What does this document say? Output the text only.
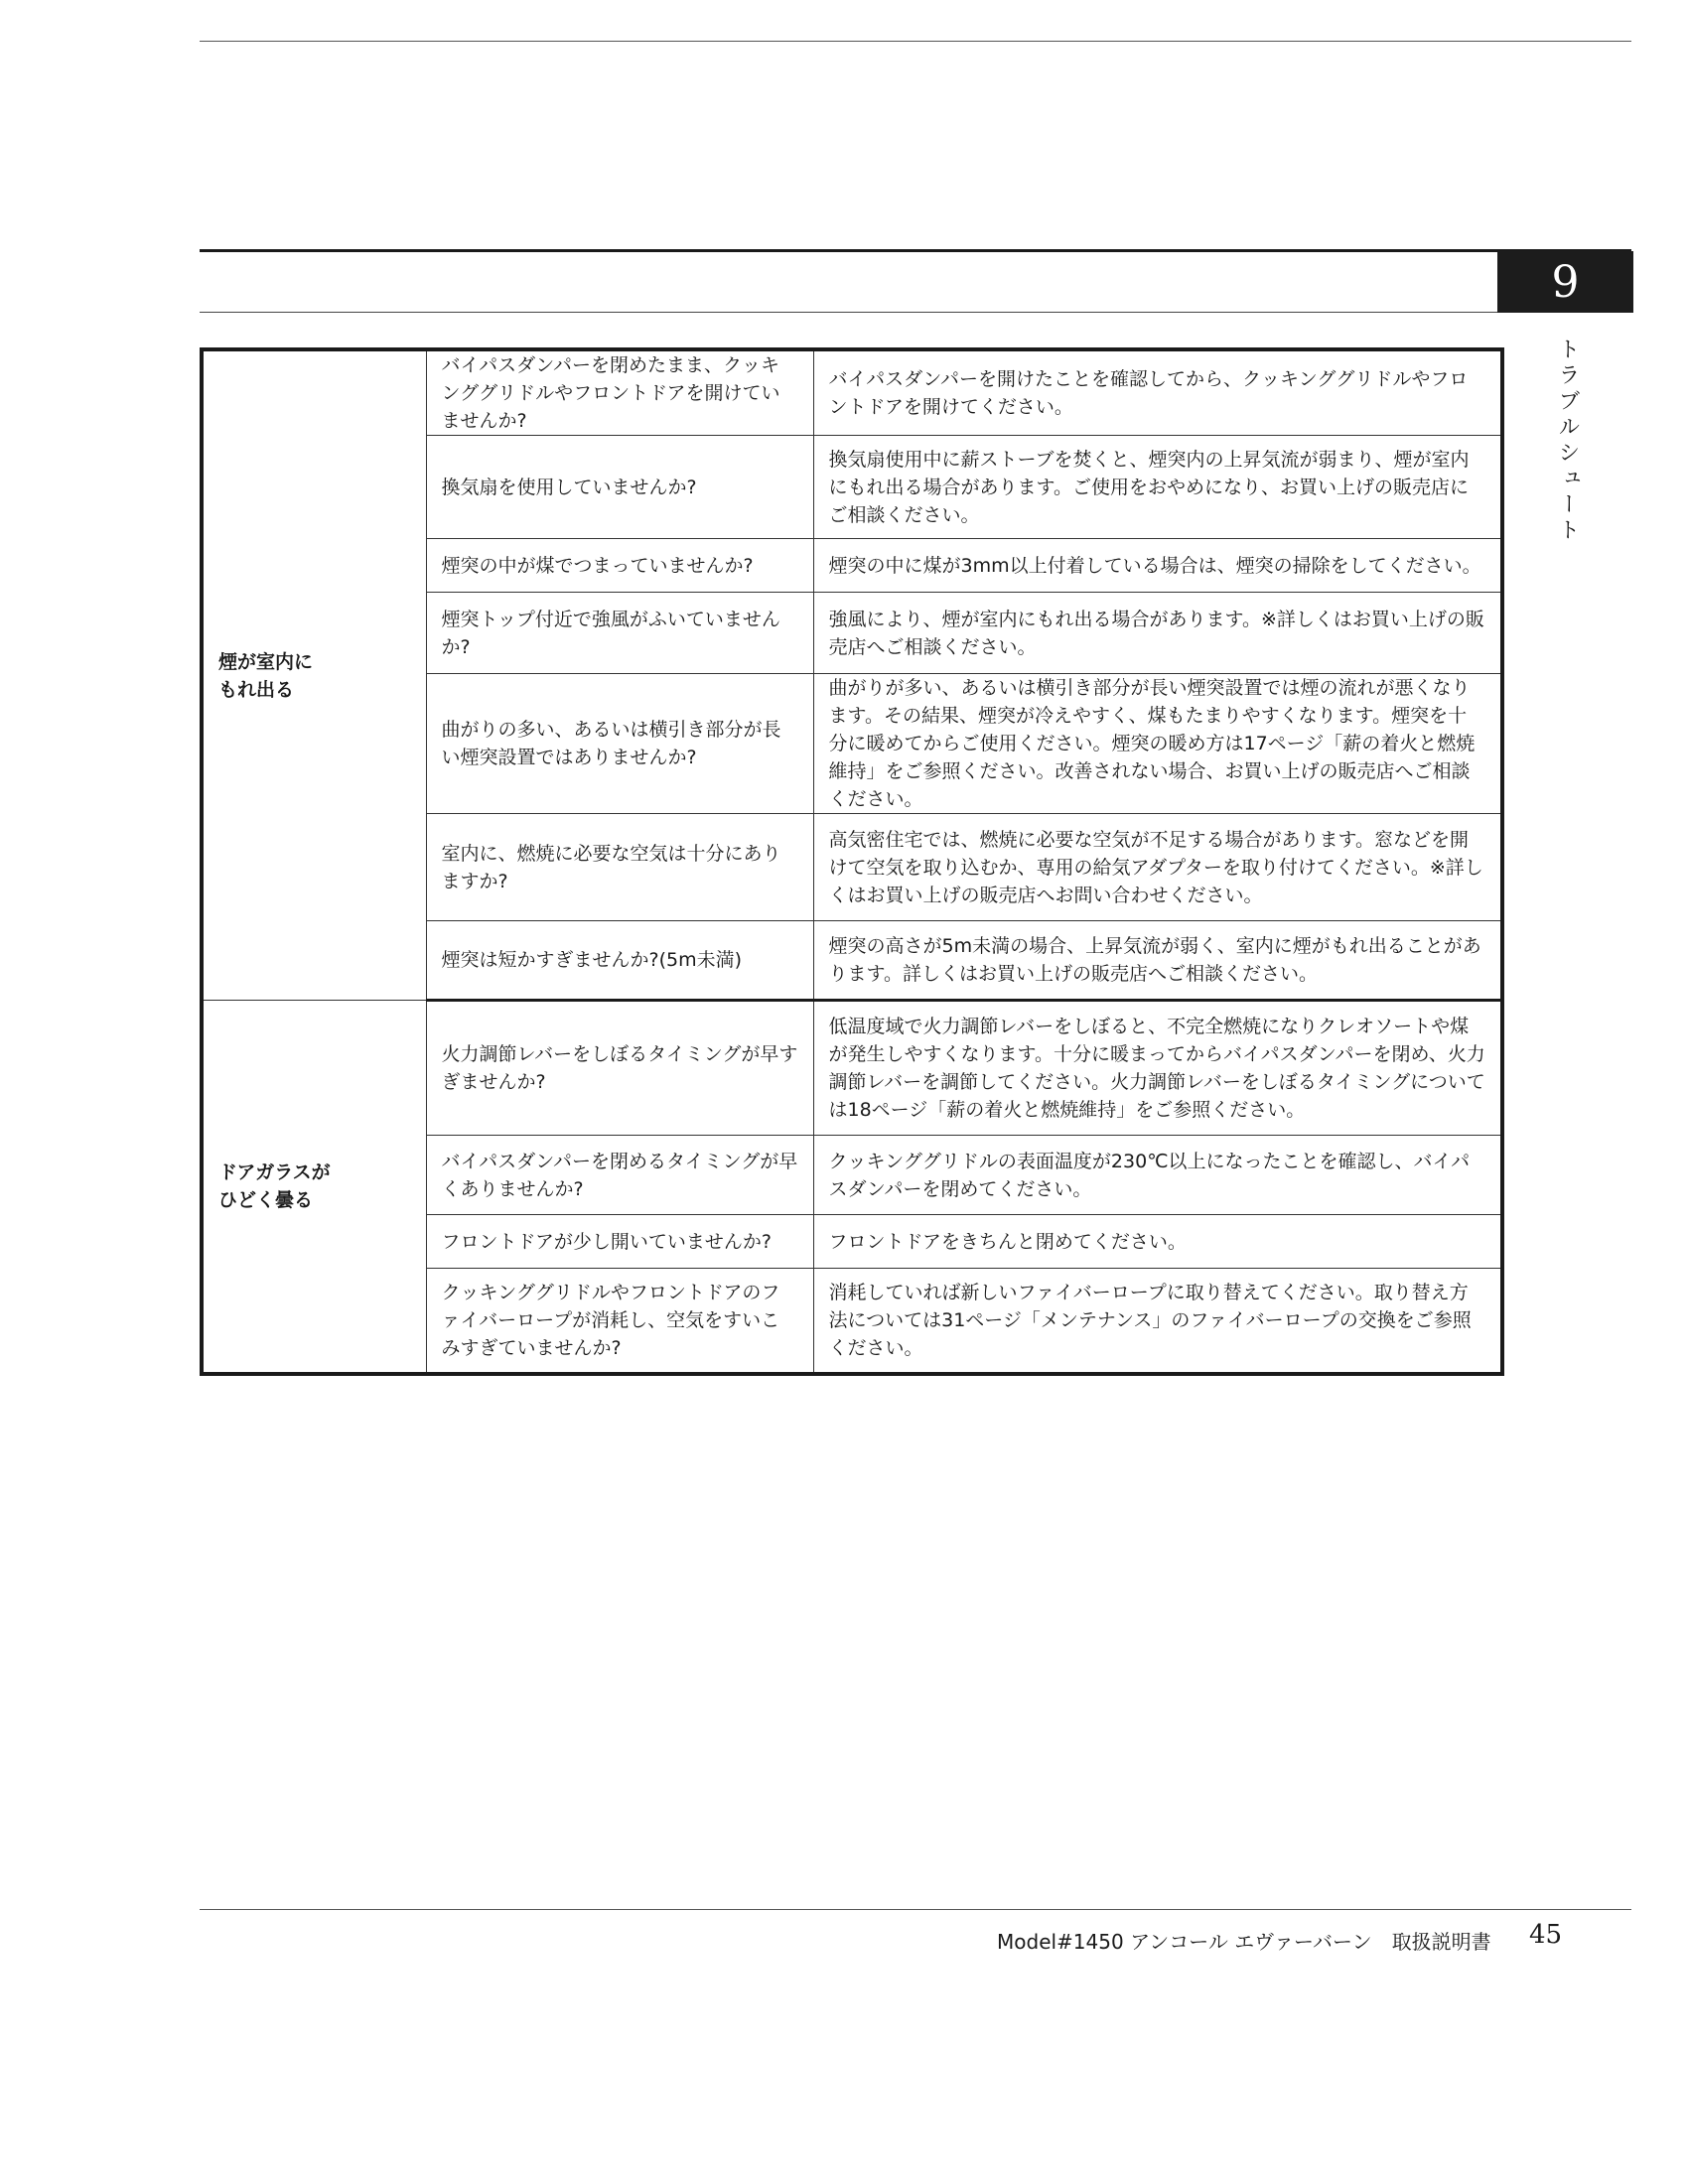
9
トラブルシュート
煙が室内に
もれ出る	バイパスダンパーを閉めたまま、クッキンググリドルやフロントドアを開けていませんか?	バイパスダンパーを開けたことを確認してから、クッキンググリドルやフロントドアを開けてください。
	換気扇を使用していませんか?	換気扇使用中に薪ストーブを焚くと、煙突内の上昇気流が弱まり、煙が室内にもれ出る場合があります。ご使用をおやめになり、お買い上げの販売店にご相談ください。
	煙突の中が煤でつまっていませんか?	煙突の中に煤が3mm以上付着している場合は、煙突の掃除をしてください。
	煙突トップ付近で強風がふいていませんか?	強風により、煙が室内にもれ出る場合があります。※詳しくはお買い上げの販売店へご相談ください。
	曲がりの多い、あるいは横引き部分が長い煙突設置ではありませんか?	曲がりが多い、あるいは横引き部分が長い煙突設置では煙の流れが悪くなります。その結果、煙突が冷えやすく、煤もたまりやすくなります。煙突を十分に暖めてからご使用ください。煙突の暖め方は17ページ「薪の着火と燃焼維持」をご参照ください。改善されない場合、お買い上げの販売店へご相談ください。
	室内に、燃焼に必要な空気は十分にありますか?	高気密住宅では、燃焼に必要な空気が不足する場合があります。窓などを開けて空気を取り込むか、専用の給気アダプターを取り付けてください。※詳しくはお買い上げの販売店へお問い合わせください。
	煙突は短かすぎませんか?(5m未満)	煙突の高さが5m未満の場合、上昇気流が弱く、室内に煙がもれ出ることがあります。詳しくはお買い上げの販売店へご相談ください。

ドアガラスが
ひどく曇る	火力調節レバーをしぼるタイミングが早すぎませんか?	低温度域で火力調節レバーをしぼると、不完全燃焼になりクレオソートや煤が発生しやすくなります。十分に暖まってからバイパスダンパーを閉め、火力調節レバーを調節してください。火力調節レバーをしぼるタイミングについては18ページ「薪の着火と燃焼維持」をご参照ください。
	バイパスダンパーを閉めるタイミングが早くありませんか?	クッキンググリドルの表面温度が230℃以上になったことを確認し、バイパスダンパーを閉めてください。
	フロントドアが少し開いていませんか?	フロントドアをきちんと閉めてください。
	クッキンググリドルやフロントドアのファイバーロープが消耗し、空気をすいこみすぎていませんか?	消耗していれば新しいファイバーロープに取り替えてください。取り替え方法については31ページ「メンテナンス」のファイバーロープの交換をご参照ください。
Model#1450 アンコール エヴァーバーン　取扱説明書 45
